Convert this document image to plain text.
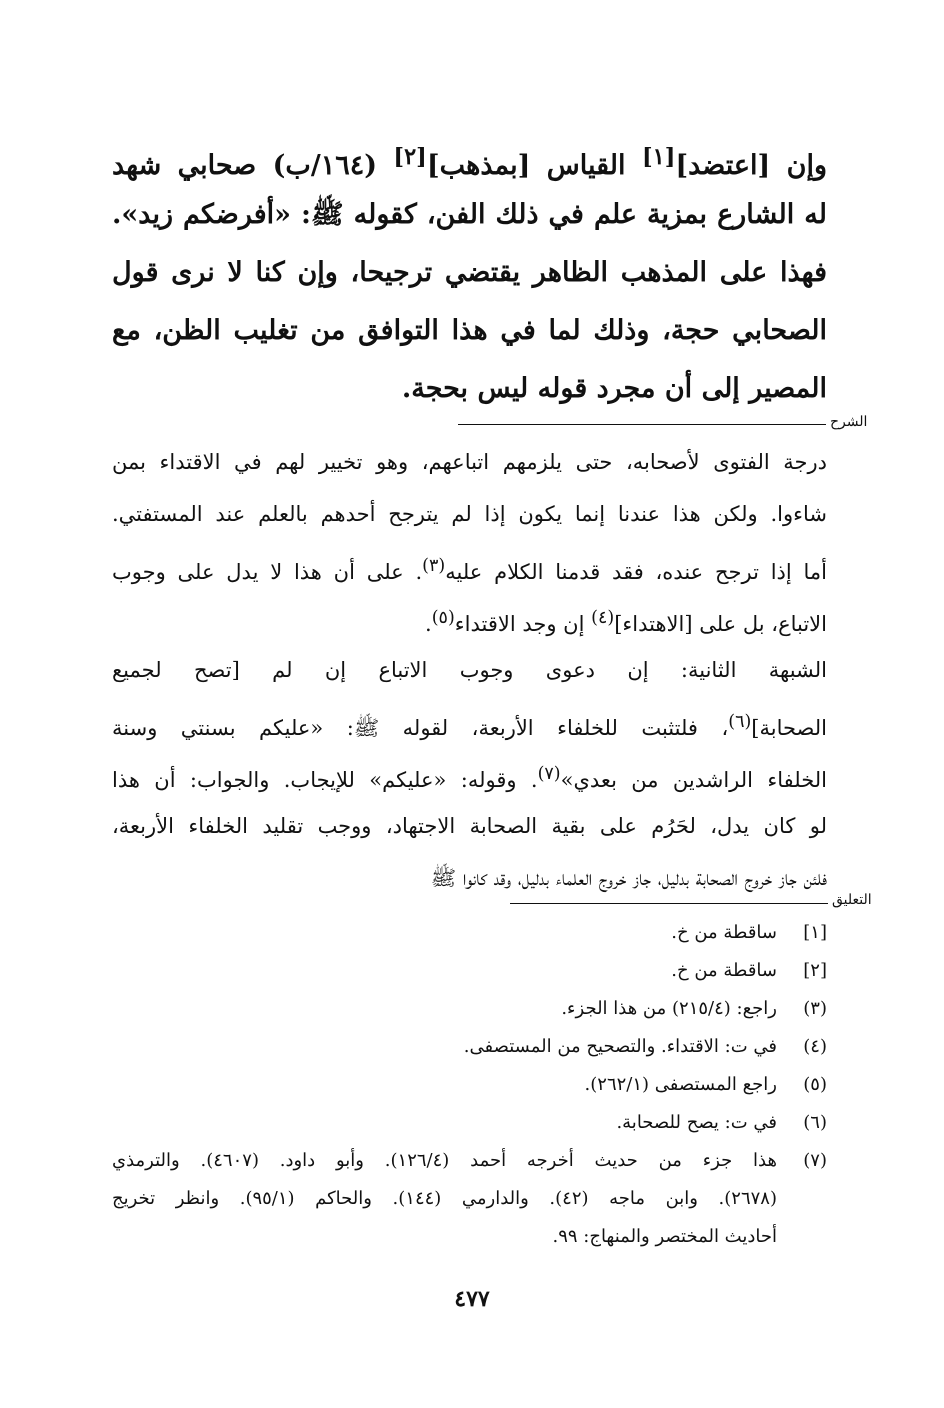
وإن [اعتضد][١] القياس [بمذهب][٢] (١٦٤/ب) صحابي شهد
له الشارع بمزية علم في ذلك الفن، كقوله ﷺ: «أفرضكم زيد».
فهذا على المذهب الظاهر يقتضي ترجيحا، وإن كنا لا نرى قول
الصحابي حجة، وذلك لما في هذا التوافق من تغليب الظن، مع
المصير إلى أن مجرد قوله ليس بحجة.
الشرح
درجة الفتوى لأصحابه، حتى يلزمهم اتباعهم، وهو تخيير لهم في الاقتداء بمن
شاءوا. ولكن هذا عندنا إنما يكون إذا لم يترجح أحدهم بالعلم عند المستفتي.
أما إذا ترجح عنده، فقد قدمنا الكلام عليه$^{(٣)}$. على أن هذا لا يدل على وجوب
الاتباع، بل على [الاهتداء]$^{(٤)}$ إن وجد الاقتداء$^{(٥)}$.
الشبهة الثانية: إن دعوى وجوب الاتباع إن لم [تصح لجميع
الصحابة]$^{(٦)}$، فلتثبت للخلفاء الأربعة، لقوله ﷺ: «عليكم بسنتي وسنة
الخلفاء الراشدين من بعدي»$^{(٧)}$. وقوله: «عليكم» للإيجاب. والجواب: أن هذا
لو كان يدل، لحَرُم على بقية الصحابة الاجتهاد، ووجب تقليد الخلفاء الأربعة،
فلئن جاز خروج الصحابة بدليل، جاز خروج العلماء بدليل، وقد كانوا ﷺ
التعليق
[١]
ساقطة من خ.
[٢]
ساقطة من خ.
(٣)
راجع: (٢١٥/٤) من هذا الجزء.
(٤)
في ت: الاقتداء. والتصحيح من المستصفى.
(٥)
راجع المستصفى (٢٦٢/١).
(٦)
في ت: يصح للصحابة.
(٧)
هذا جزء من حديث أخرجه أحمد (١٢٦/٤). وأبو داود. (٤٦٠٧). والترمذي
(٢٦٧٨). وابن ماجه (٤٢). والدارمي (١٤٤). والحاكم (٩٥/١). وانظر تخريج
أحاديث المختصر والمنهاج: ٩٩.
٤٧٧
